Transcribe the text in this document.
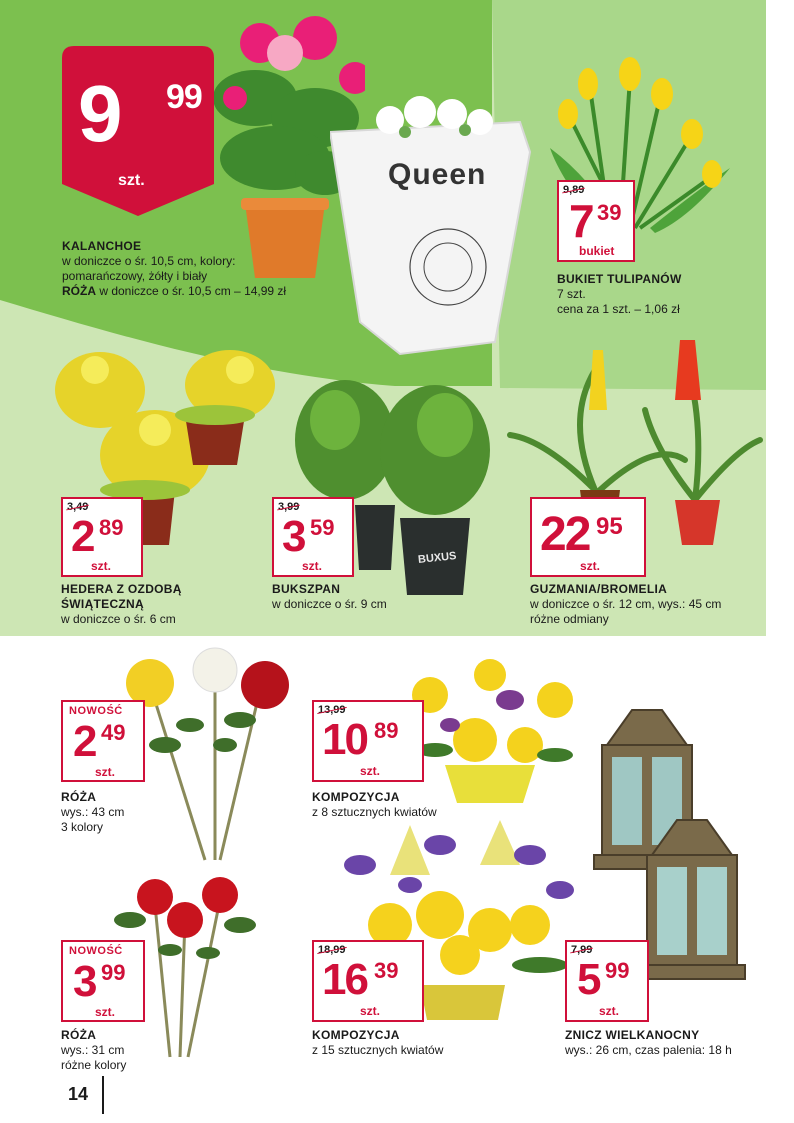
Queen
9 99
szt.
KALANCHOE
w doniczce o śr. 10,5 cm, kolory:
pomarańczowy, żółty i biały
RÓŻA w doniczce o śr. 10,5 cm – 14,99 zł
9,89
7 39
bukiet
BUKIET TULIPANÓW
7 szt.
cena za 1 szt. – 1,06 zł
3,49
2 89
szt.
HEDERA Z OZDOBĄ
ŚWIĄTECZNĄ
w doniczce o śr. 6 cm
BUXUS
3,99
3 59
szt.
BUKSZPAN
w doniczce o śr. 9 cm
22 95
szt.
GUZMANIA/BROMELIA
w doniczce o śr. 12 cm, wys.: 45 cm
różne odmiany
NOWOŚĆ
2 49
szt.
RÓŻA
wys.: 43 cm
3 kolory
13,99
10 89
szt.
KOMPOZYCJA
z 8 sztucznych kwiatów
NOWOŚĆ
3 99
szt.
RÓŻA
wys.: 31 cm
różne kolory
18,99
16 39
szt.
KOMPOZYCJA
z 15 sztucznych kwiatów
7,99
5 99
szt.
ZNICZ WIELKANOCNY
wys.: 26 cm, czas palenia: 18 h
14
